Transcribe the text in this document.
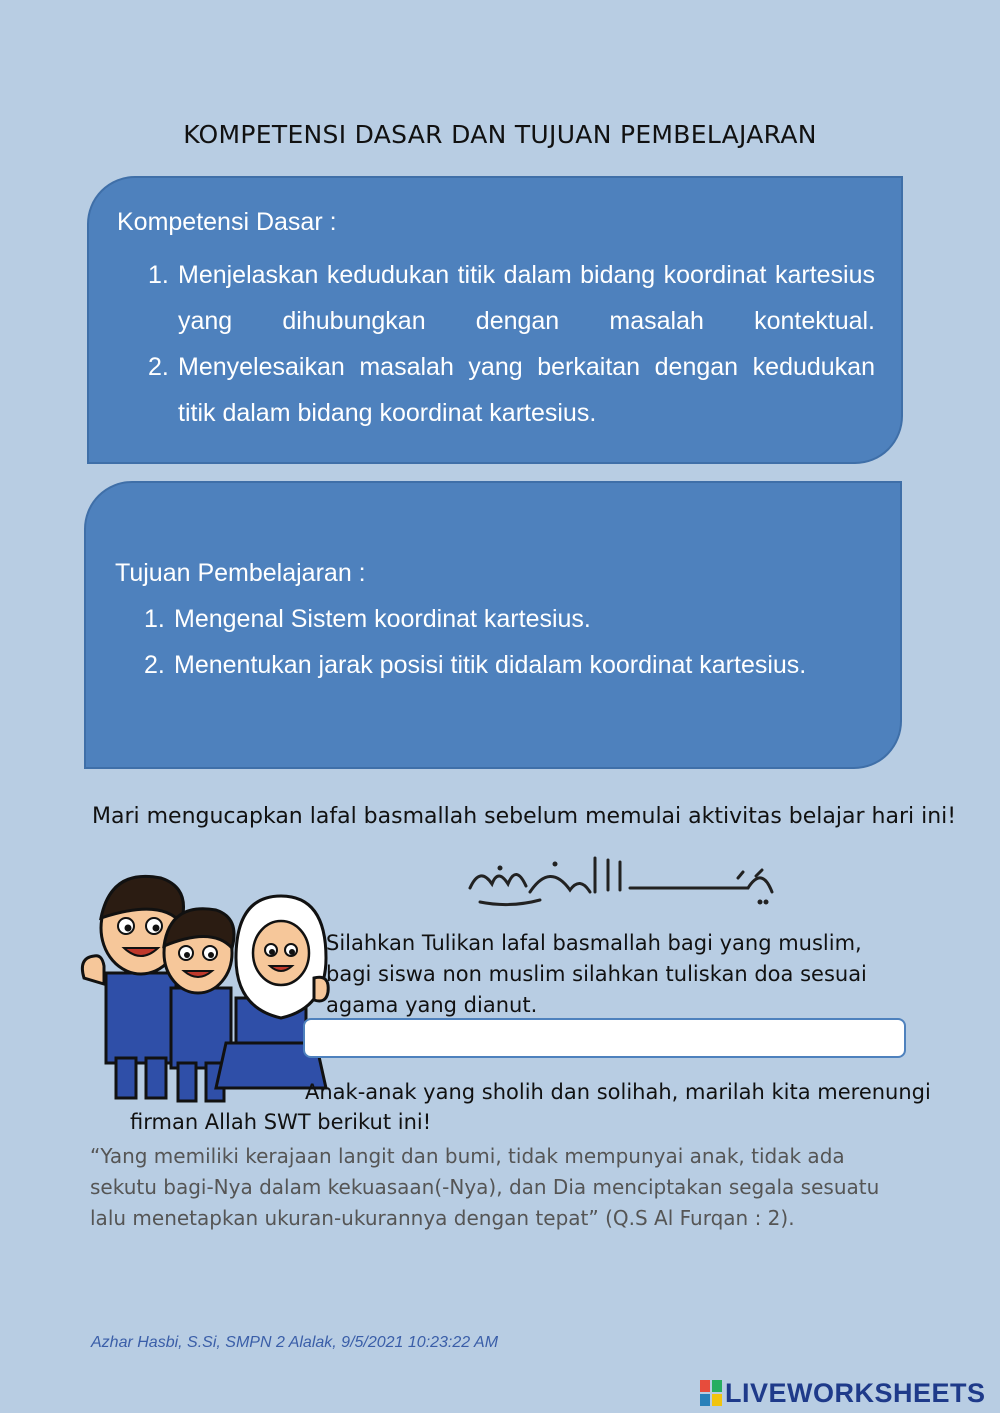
KOMPETENSI DASAR DAN TUJUAN PEMBELAJARAN
Kompetensi Dasar :
1. Menjelaskan kedudukan titik dalam bidang koordinat kartesius yang dihubungkan dengan masalah kontektual.
2. Menyelesaikan masalah yang berkaitan dengan kedudukan titik dalam bidang koordinat kartesius.
Tujuan Pembelajaran :
1. Mengenal Sistem koordinat kartesius.
2. Menentukan jarak posisi titik didalam koordinat kartesius.
Mari mengucapkan lafal basmallah sebelum memulai aktivitas belajar hari ini!
Silahkan Tulikan lafal basmallah bagi yang muslim, bagi siswa non muslim silahkan tuliskan doa sesuai agama yang dianut.
Anak-anak yang sholih dan solihah, marilah kita merenungi
firman Allah SWT berikut ini!
“Yang memiliki kerajaan langit dan bumi, tidak mempunyai anak, tidak ada sekutu bagi-Nya dalam kekuasaan(-Nya), dan Dia menciptakan segala sesuatu lalu menetapkan ukuran-ukurannya dengan tepat” (Q.S Al Furqan : 2).
Azhar Hasbi, S.Si, SMPN 2 Alalak, 9/5/2021 10:23:22 AM
LIVEWORKSHEETS
